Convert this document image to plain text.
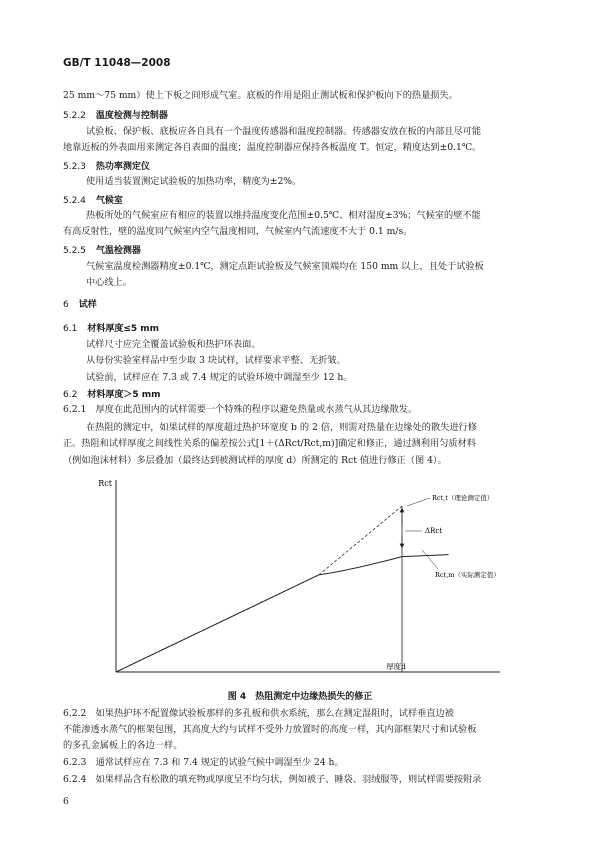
GB/T 11048—2008
25 mm～75 mm）使上下板之间形成气室。底板的作用是阻止测试板和保护板向下的热量损失。
5.2.2 温度检测与控制器
试验板、保护板、底板应各自具有一个温度传感器和温度控制器。传感器安放在板的内部且尽可能
地靠近板的外表面用来测定各自表面的温度；温度控制器应保持各板温度 T。恒定，精度达到±0.1℃。
5.2.3 热功率测定仪
使用适当装置测定试验板的加热功率，精度为±2%。
5.2.4 气候室
热板所处的气候室应有相应的装置以维持温度变化范围±0.5℃、相对湿度±3%；气候室的壁不能
有高反射性，壁的温度同气候室内空气温度相同，气候室内气流速度不大于 0.1 m/s。
5.2.5 气温检测器
气候室温度检测器精度±0.1℃，测定点距试验板及气候室顶端均在 150 mm 以上，且处于试验板
中心线上。
6 试样
6.1 材料厚度≤5 mm
试样尺寸应完全覆盖试验板和热护环表面。
从每份实验室样品中至少取 3 块试样，试样要求平整、无折皱。
试验前，试样应在 7.3 或 7.4 规定的试验环境中调湿至少 12 h。
6.2 材料厚度＞5 mm
6.2.1　厚度在此范围内的试样需要一个特殊的程序以避免热量或水蒸气从其边缘散发。
在热阻的测定中，如果试样的厚度超过热护环宽度 b 的 2 倍，则需对热量在边缘处的散失进行修
正。热阻和试样厚度之间线性关系的偏差按公式[1＋(ΔRct/Rct,m)]确定和修正，通过测利用匀质材料
（例如泡沫材料）多层叠加（最终达到被测试样的厚度 d）所测定的 Rct 值进行修正（图 4）。
Rct
厚度d
Rct,t（理论测定值）
ΔRct
Rct,m（实际测定值）
图 4　热阻测定中边缘热损失的修正
6.2.2　如果热护环不配置像试验板那样的多孔板和供水系统，那么在测定湿阻时，试样垂直边被
不能渗透水蒸气的框架包围，其高度大约与试样不受外力放置时的高度一样，其内部框架尺寸和试验板
的多孔金属板上的各边一样。
6.2.3　通常试样应在 7.3 和 7.4 规定的试验气候中调湿至少 24 h。
6.2.4　如果样品含有松散的填充物或厚度呈不均匀状，例如被子、睡袋、羽绒服等，则试样需要按附录
6
